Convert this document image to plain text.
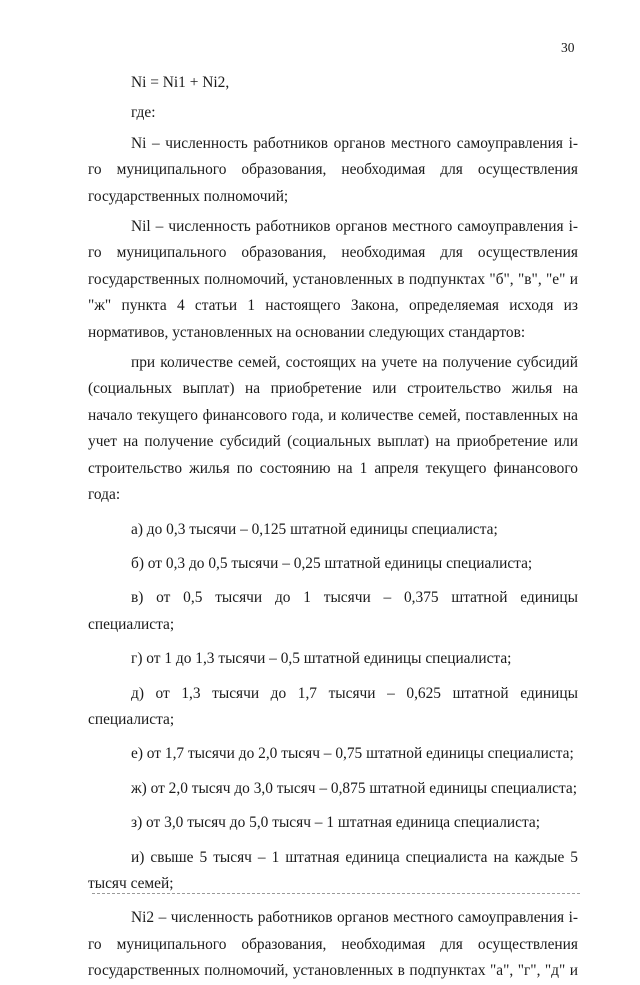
30

Ni = Ni1 + Ni2,

где:

Ni – численность работников органов местного самоуправления i-го муниципального образования, необходимая для осуществления государственных полномочий;

Nil – численность работников органов местного самоуправления i-го муниципального образования, необходимая для осуществления государственных полномочий, установленных в подпунктах "б", "в", "е" и "ж" пункта 4 статьи 1 настоящего Закона, определяемая исходя из нормативов, установленных на основании следующих стандартов:

при количестве семей, состоящих на учете на получение субсидий (социальных выплат) на приобретение или строительство жилья на начало текущего финансового года, и количестве семей, поставленных на учет на получение субсидий (социальных выплат) на приобретение или строительство жилья по состоянию на 1 апреля текущего финансового года:

а) до 0,3 тысячи – 0,125 штатной единицы специалиста;

б) от 0,3 до 0,5 тысячи – 0,25 штатной единицы специалиста;

в) от 0,5 тысячи до 1 тысячи – 0,375 штатной единицы специалиста;

г) от 1 до 1,3 тысячи – 0,5 штатной единицы специалиста;

д) от 1,3 тысячи до 1,7 тысячи – 0,625 штатной единицы специалиста;

е) от 1,7 тысячи до 2,0 тысяч – 0,75 штатной единицы специалиста;

ж) от 2,0 тысяч до 3,0 тысяч – 0,875 штатной единицы специалиста;

з) от 3,0 тысяч до 5,0 тысяч – 1 штатная единица специалиста;

и) свыше 5 тысяч – 1 штатная единица специалиста на каждые 5 тысяч семей;

Ni2 – численность работников органов местного самоуправления i-го муниципального образования, необходимая для осуществления государственных полномочий, установленных в подпунктах "а", "г", "д" и
